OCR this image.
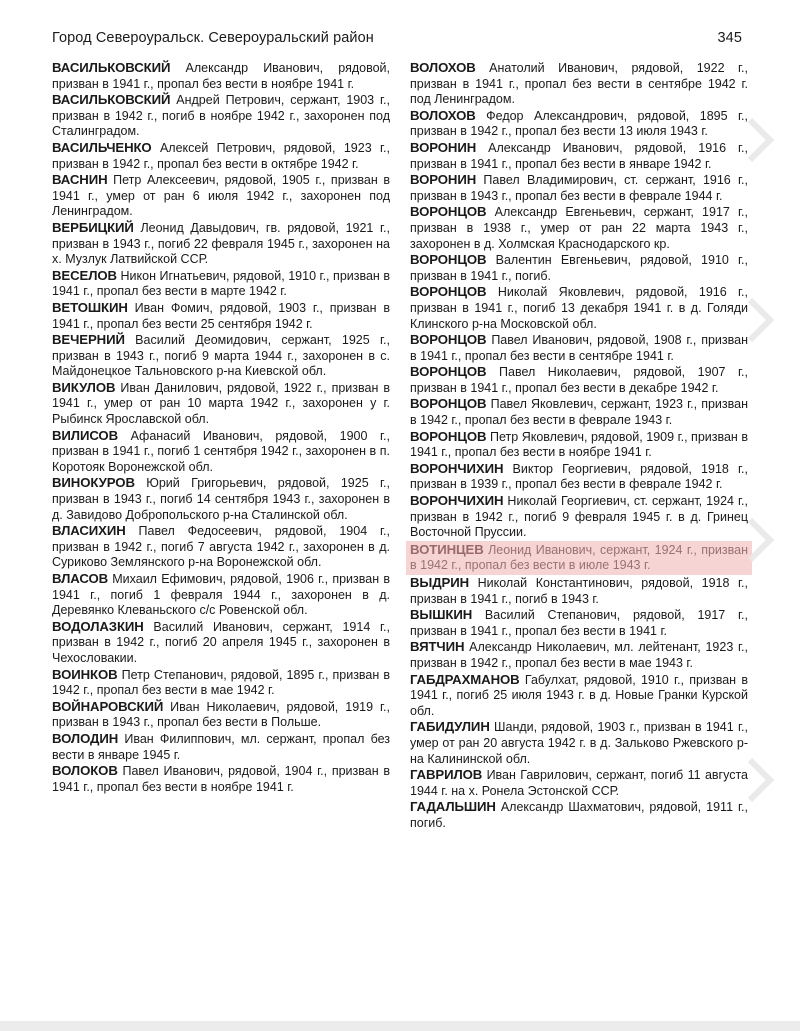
Город Североуральск. Североуральский район	345

ВАСИЛЬКОВСКИЙ Александр Иванович, рядовой, призван в 1941 г., пропал без вести в ноябре 1941 г.

ВАСИЛЬКОВСКИЙ Андрей Петрович, сержант, 1903 г., призван в 1942 г., погиб в ноябре 1942 г., захоронен под Сталинградом.

ВАСИЛЬЧЕНКО Алексей Петрович, рядовой, 1923 г., призван в 1942 г., пропал без вести в октябре 1942 г.

ВАСНИН Петр Алексеевич, рядовой, 1905 г., призван в 1941 г., умер от ран 6 июля 1942 г., захоронен под Ленинградом.

ВЕРБИЦКИЙ Леонид Давыдович, гв. рядовой, 1921 г., призван в 1943 г., погиб 22 февраля 1945 г., захоронен на х. Музлук Латвийской ССР.

ВЕСЕЛОВ Никон Игнатьевич, рядовой, 1910 г., призван в 1941 г., пропал без вести в марте 1942 г.

ВЕТОШКИН Иван Фомич, рядовой, 1903 г., призван в 1941 г., пропал без вести 25 сентября 1942 г.

ВЕЧЕРНИЙ Василий Деомидович, сержант, 1925 г., призван в 1943 г., погиб 9 марта 1944 г., захоронен в с. Майдонецкое Тальновского р-на Киевской обл.

ВИКУЛОВ Иван Данилович, рядовой, 1922 г., призван в 1941 г., умер от ран 10 марта 1942 г., захоронен у г. Рыбинск Ярославской обл.

ВИЛИСОВ Афанасий Иванович, рядовой, 1900 г., призван в 1941 г., погиб 1 сентября 1942 г., захоронен в п. Коротояк Воронежской обл.

ВИНОКУРОВ Юрий Григорьевич, рядовой, 1925 г., призван в 1943 г., погиб 14 сентября 1943 г., захоронен в д. Завидово Добропольского р-на Сталинской обл.

ВЛАСИХИН Павел Федосеевич, рядовой, 1904 г., призван в 1942 г., погиб 7 августа 1942 г., захоронен в д. Суриково Землянского р-на Воронежской обл.

ВЛАСОВ Михаил Ефимович, рядовой, 1906 г., призван в 1941 г., погиб 1 февраля 1944 г., захоронен в д. Деревянко Клеваньского с/с Ровенской обл.

ВОДОЛАЗКИН Василий Иванович, сержант, 1914 г., призван в 1942 г., погиб 20 апреля 1945 г., захоронен в Чехословакии.

ВОИНКОВ Петр Степанович, рядовой, 1895 г., призван в 1942 г., пропал без вести в мае 1942 г.

ВОЙНАРОВСКИЙ Иван Николаевич, рядовой, 1919 г., призван в 1943 г., пропал без вести в Польше.

ВОЛОДИН Иван Филиппович, мл. сержант, пропал без вести в январе 1945 г.

ВОЛОКОВ Павел Иванович, рядовой, 1904 г., призван в 1941 г., пропал без вести в ноябре 1941 г.

ВОЛОХОВ Анатолий Иванович, рядовой, 1922 г., призван в 1941 г., пропал без вести в сентябре 1942 г. под Ленинградом.

ВОЛОХОВ Федор Александрович, рядовой, 1895 г., призван в 1942 г., пропал без вести 13 июля 1943 г.

ВОРОНИН Александр Иванович, рядовой, 1916 г., призван в 1941 г., пропал без вести в январе 1942 г.

ВОРОНИН Павел Владимирович, ст. сержант, 1916 г., призван в 1943 г., пропал без вести в феврале 1944 г.

ВОРОНЦОВ Александр Евгеньевич, сержант, 1917 г., призван в 1938 г., умер от ран 22 марта 1943 г., захоронен в д. Холмская Краснодарского кр.

ВОРОНЦОВ Валентин Евгеньевич, рядовой, 1910 г., призван в 1941 г., погиб.

ВОРОНЦОВ Николай Яковлевич, рядовой, 1916 г., призван в 1941 г., погиб 13 декабря 1941 г. в д. Голяди Клинского р-на Московской обл.

ВОРОНЦОВ Павел Иванович, рядовой, 1908 г., призван в 1941 г., пропал без вести в сентябре 1941 г.

ВОРОНЦОВ Павел Николаевич, рядовой, 1907 г., призван в 1941 г., пропал без вести в декабре 1942 г.

ВОРОНЦОВ Павел Яковлевич, сержант, 1923 г., призван в 1942 г., пропал без вести в феврале 1943 г.

ВОРОНЦОВ Петр Яковлевич, рядовой, 1909 г., призван в 1941 г., пропал без вести в ноябре 1941 г.

ВОРОНЧИХИН Виктор Георгиевич, рядовой, 1918 г., призван в 1939 г., пропал без вести в феврале 1942 г.

ВОРОНЧИХИН Николай Георгиевич, ст. сержант, 1924 г., призван в 1942 г., погиб 9 февраля 1945 г. в д. Гринец Восточной Пруссии.

ВОТИНЦЕВ Леонид Иванович, сержант, 1924 г., призван в 1942 г., пропал без вести в июле 1943 г.

ВЫДРИН Николай Константинович, рядовой, 1918 г., призван в 1941 г., погиб в 1943 г.

ВЫШКИН Василий Степанович, рядовой, 1917 г., призван в 1941 г., пропал без вести в 1941 г.

ВЯТЧИН Александр Николаевич, мл. лейтенант, 1923 г., призван в 1942 г., пропал без вести в мае 1943 г.

ГАБДРАХМАНОВ Габулхат, рядовой, 1910 г., призван в 1941 г., погиб 25 июля 1943 г. в д. Новые Гранки Курской обл.

ГАБИДУЛИН Шанди, рядовой, 1903 г., призван в 1941 г., умер от ран 20 августа 1942 г. в д. Зальково Ржевского р-на Калининской обл.

ГАВРИЛОВ Иван Гаврилович, сержант, погиб 11 августа 1944 г. на х. Ронела Эстонской ССР.

ГАДАЛЬШИН Александр Шахматович, рядовой, 1911 г., погиб.
